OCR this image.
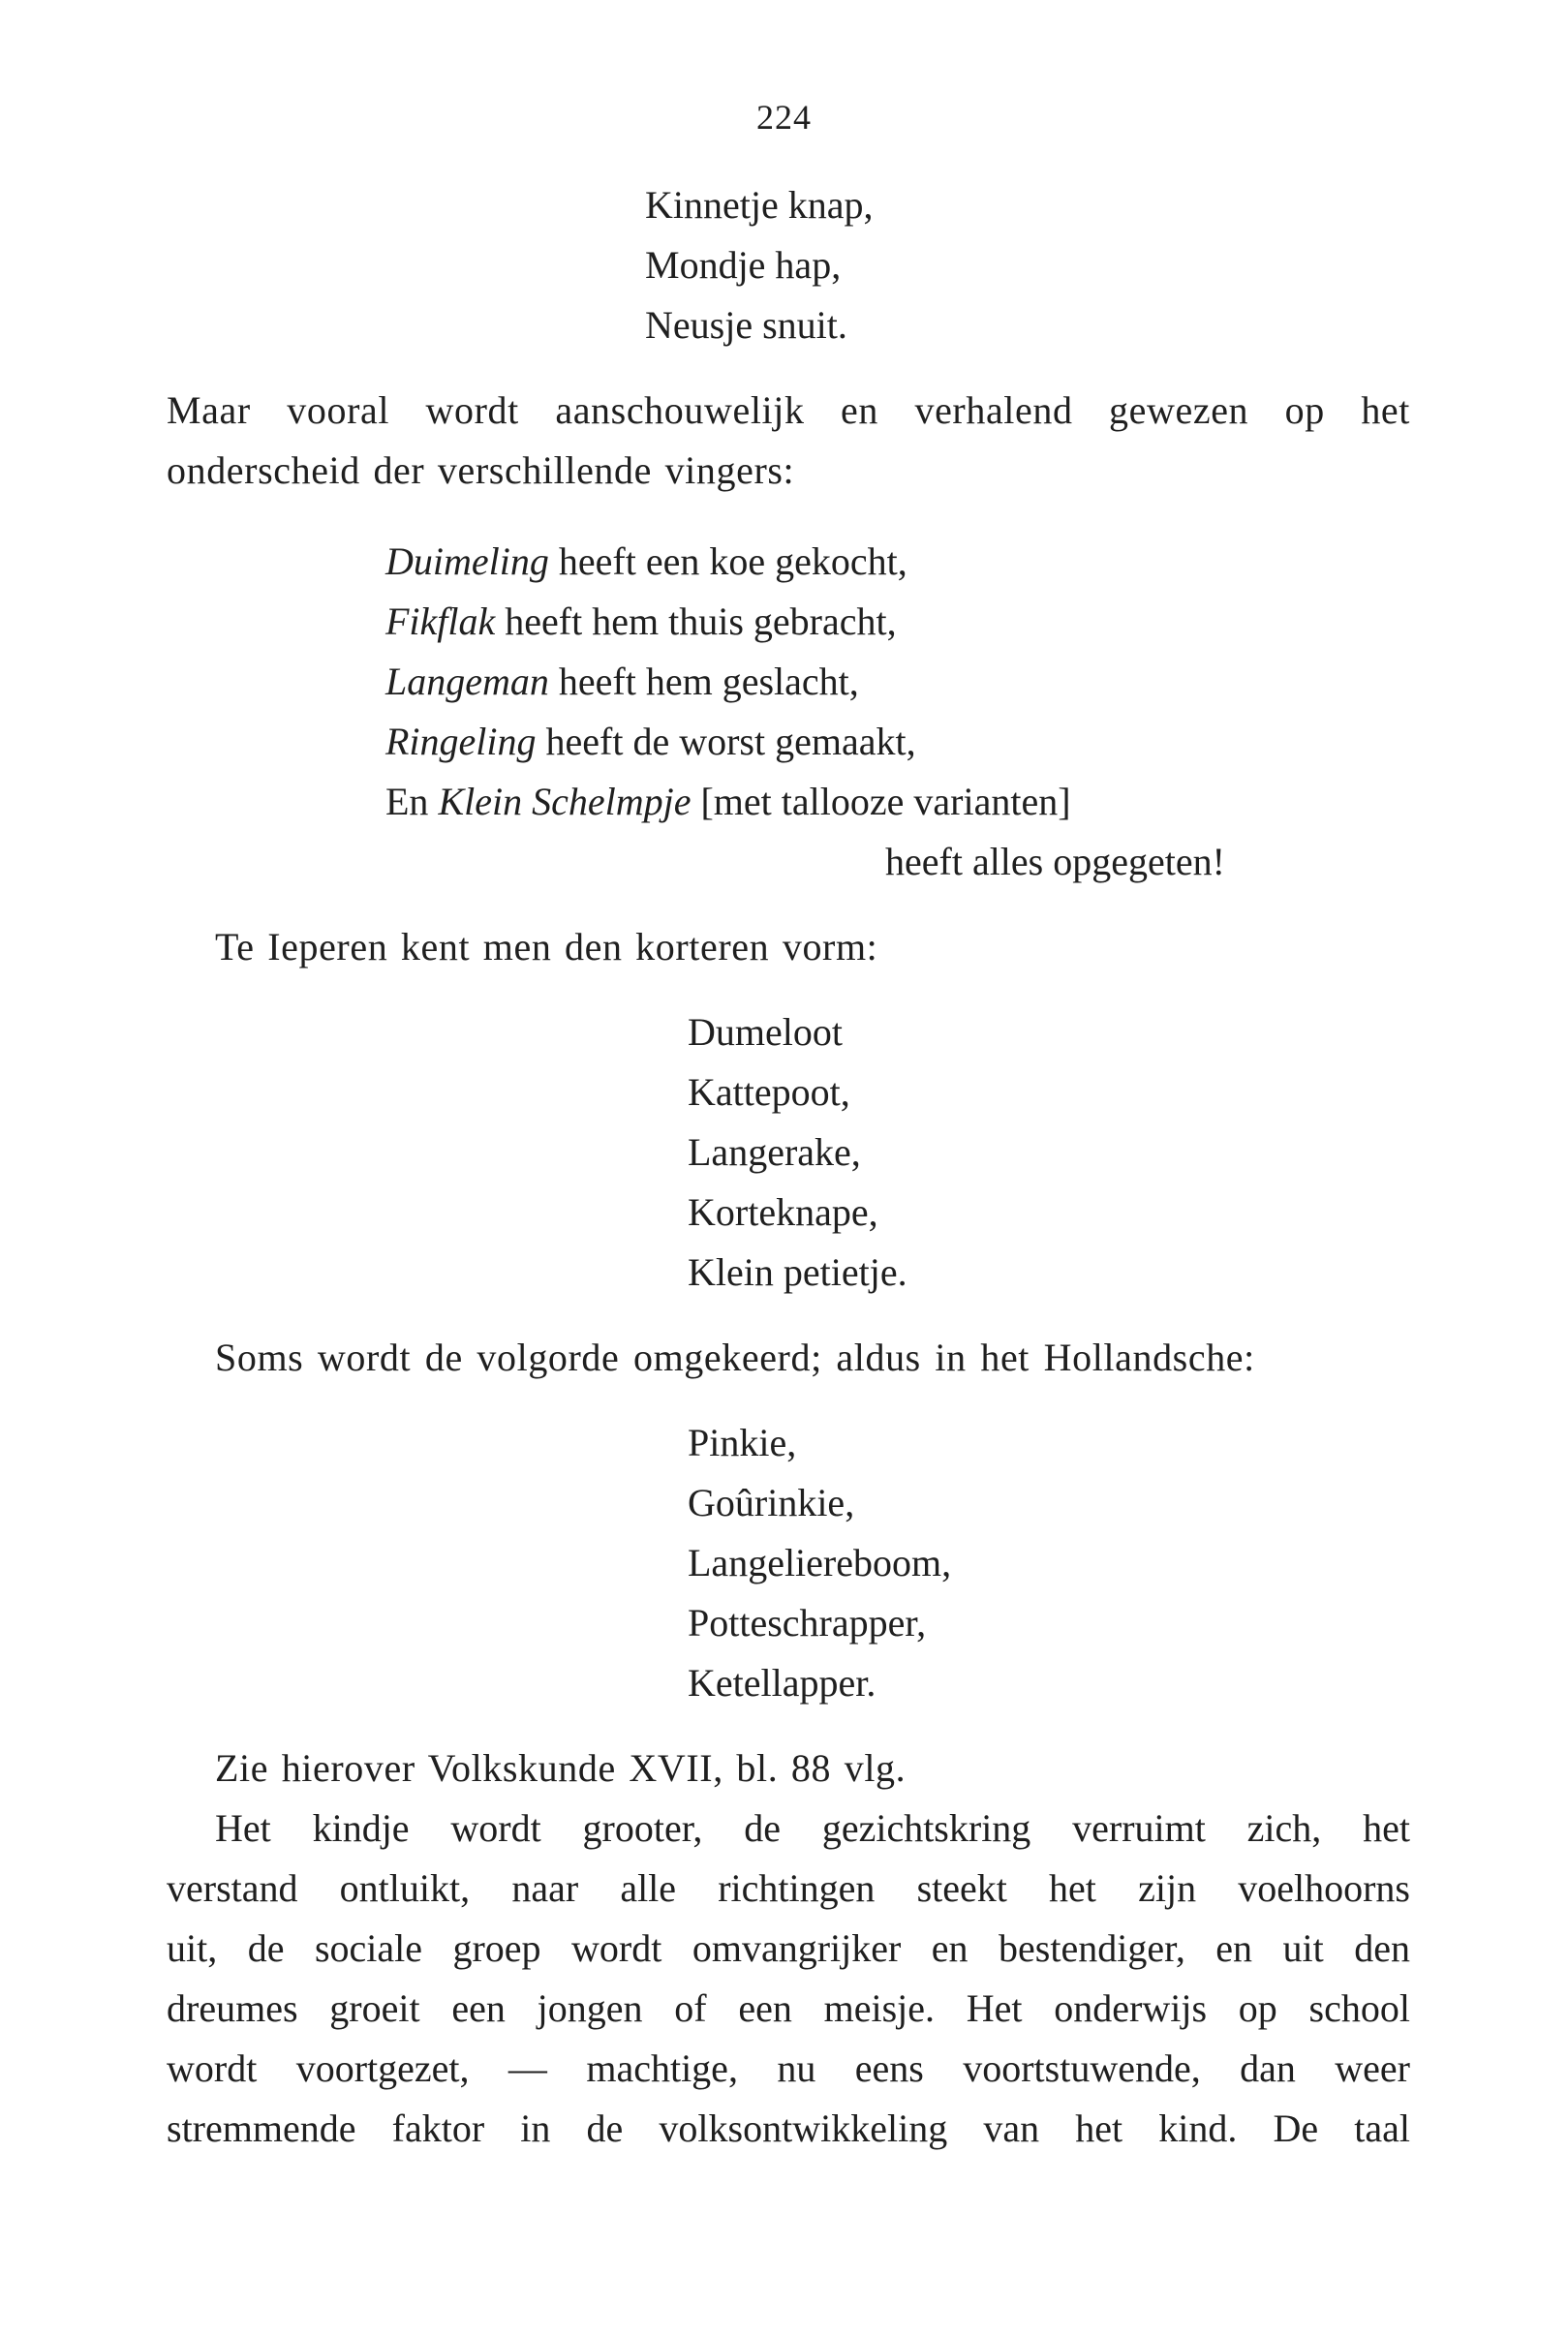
224
Kinnetje knap,
Mondje hap,
Neusje snuit.
Maar vooral wordt aanschouwelijk en verhalend gewezen op het
onderscheid der verschillende vingers:
Duimeling heeft een koe gekocht,
Fikflak heeft hem thuis gebracht,
Langeman heeft hem geslacht,
Ringeling heeft de worst gemaakt,
En Klein Schelmpje [met tallooze varianten]
heeft alles opgegeten!
Te Ieperen kent men den korteren vorm:
Dumeloot
Kattepoot,
Langerake,
Korteknape,
Klein petietje.
Soms wordt de volgorde omgekeerd; aldus in het Hollandsche:
Pinkie,
Goûrinkie,
Langeliereboom,
Potteschrapper,
Ketellapper.
Zie hierover Volkskunde XVII, bl. 88 vlg.
Het kindje wordt grooter, de gezichtskring verruimt zich, het
verstand ontluikt, naar alle richtingen steekt het zijn voelhoorns
uit, de sociale groep wordt omvangrijker en bestendiger, en uit den
dreumes groeit een jongen of een meisje. Het onderwijs op school
wordt voortgezet, — machtige, nu eens voortstuwende, dan weer
stremmende faktor in de volksontwikkeling van het kind. De taal
